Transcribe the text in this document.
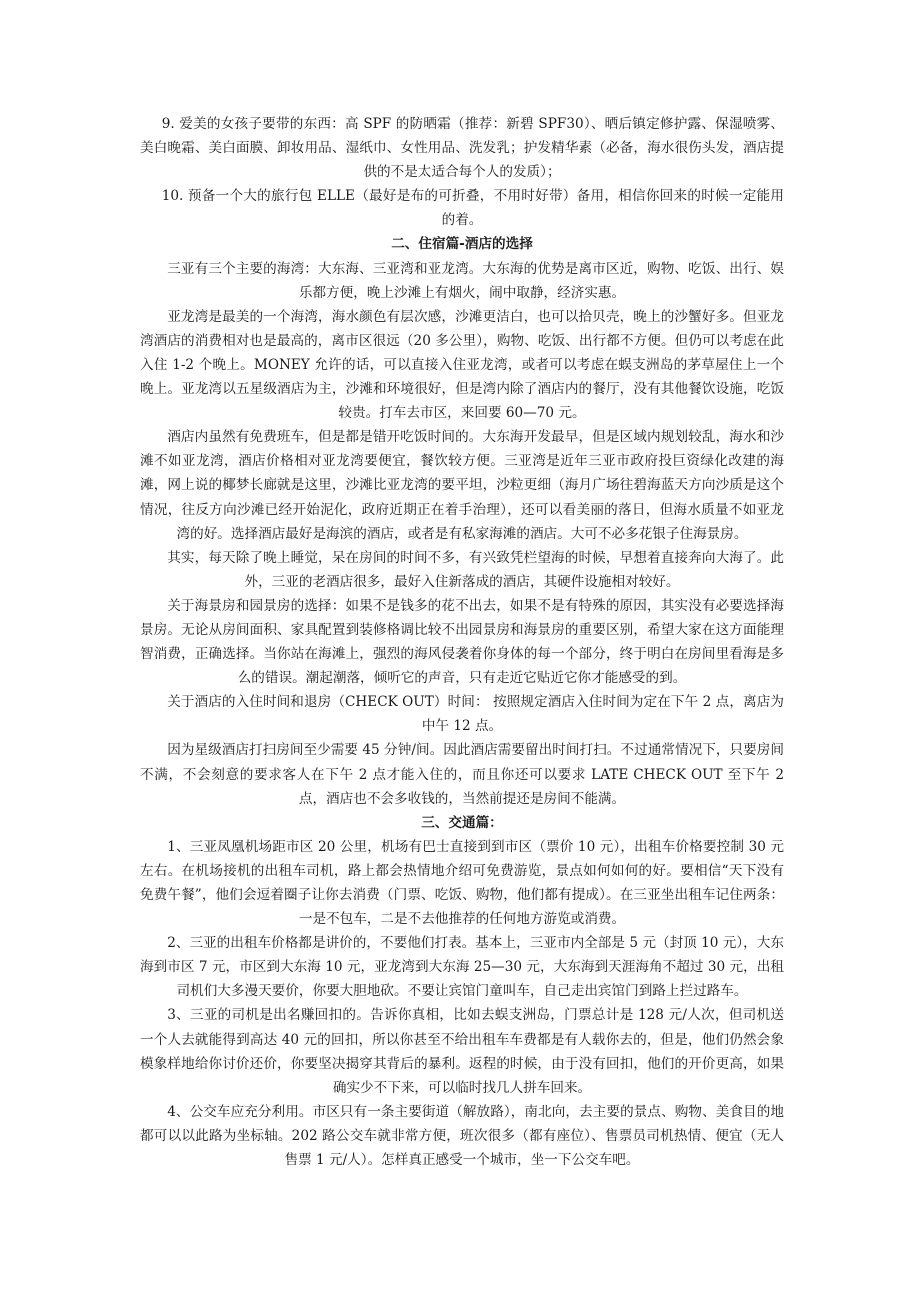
9. 爱美的女孩子要带的东西：高 SPF 的防晒霜（推荐：新碧 SPF30）、晒后镇定修护露、保湿喷雾、美白晚霜、美白面膜、卸妆用品、湿纸巾、女性用品、洗发乳；护发精华素（必备，海水很伤头发，酒店提供的不是太适合每个人的发质）；

10. 预备一个大的旅行包 ELLE（最好是布的可折叠，不用时好带）备用，相信你回来的时候一定能用的着。

二、住宿篇-酒店的选择

三亚有三个主要的海湾：大东海、三亚湾和亚龙湾。大东海的优势是离市区近，购物、吃饭、出行、娱乐都方便，晚上沙滩上有烟火，闹中取静，经济实惠。

亚龙湾是最美的一个海湾，海水颜色有层次感，沙滩更洁白，也可以拾贝壳，晚上的沙蟹好多。但亚龙湾酒店的消费相对也是最高的，离市区很远（20 多公里），购物、吃饭、出行都不方便。但仍可以考虑在此入住 1-2 个晚上。MONEY 允许的话，可以直接入住亚龙湾，或者可以考虑在蜈支洲岛的茅草屋住上一个晚上。亚龙湾以五星级酒店为主，沙滩和环境很好，但是湾内除了酒店内的餐厅，没有其他餐饮设施，吃饭较贵。打车去市区，来回要 60—70 元。

酒店内虽然有免费班车，但是都是错开吃饭时间的。大东海开发最早，但是区域内规划较乱，海水和沙滩不如亚龙湾，酒店价格相对亚龙湾要便宜，餐饮较方便。三亚湾是近年三亚市政府投巨资绿化改建的海滩，网上说的椰梦长廊就是这里，沙滩比亚龙湾的要平坦，沙粒更细（海月广场往碧海蓝天方向沙质是这个情况，往反方向沙滩已经开始泥化，政府近期正在着手治理），还可以看美丽的落日，但海水质量不如亚龙湾的好。选择酒店最好是海滨的酒店，或者是有私家海滩的酒店。大可不必多花银子住海景房。

其实，每天除了晚上睡觉，呆在房间的时间不多，有兴致凭栏望海的时候，早想着直接奔向大海了。此外，三亚的老酒店很多，最好入住新落成的酒店，其硬件设施相对较好。

关于海景房和园景房的选择：如果不是钱多的花不出去，如果不是有特殊的原因，其实没有必要选择海景房。无论从房间面积、家具配置到装修格调比较不出园景房和海景房的重要区别，希望大家在这方面能理智消费，正确选择。当你站在海滩上，强烈的海风侵袭着你身体的每一个部分，终于明白在房间里看海是多么的错误。潮起潮落，倾听它的声音，只有走近它贴近它你才能感受的到。

关于酒店的入住时间和退房（CHECK OUT）时间： 按照规定酒店入住时间为定在下午 2 点，离店为中午 12 点。

因为星级酒店打扫房间至少需要 45 分钟/间。因此酒店需要留出时间打扫。不过通常情况下，只要房间不满，不会刻意的要求客人在下午 2 点才能入住的，而且你还可以要求 LATE CHECK OUT 至下午 2 点，酒店也不会多收钱的，当然前提还是房间不能满。

三、交通篇：

1、三亚凤凰机场距市区 20 公里，机场有巴士直接到到市区（票价 10 元），出租车价格要控制 30 元左右。在机场接机的出租车司机，路上都会热情地介绍可免费游览，景点如何如何的好。要相信“天下没有免费午餐”，他们会逗着圈子让你去消费（门票、吃饭、购物，他们都有提成）。在三亚坐出租车记住两条：一是不包车，二是不去他推荐的任何地方游览或消费。

2、三亚的出租车价格都是讲价的，不要他们打表。基本上，三亚市内全部是 5 元（封顶 10 元），大东海到市区 7 元，市区到大东海 10 元，亚龙湾到大东海 25—30 元，大东海到天涯海角不超过 30 元，出租司机们大多漫天要价，你要大胆地砍。不要让宾馆门童叫车，自己走出宾馆门到路上拦过路车。

3、三亚的司机是出名赚回扣的。告诉你真相，比如去蜈支洲岛，门票总计是 128 元/人次，但司机送一个人去就能得到高达 40 元的回扣，所以你甚至不给出租车车费都是有人载你去的，但是，他们仍然会象模象样地给你讨价还价，你要坚决揭穿其背后的暴利。返程的时候，由于没有回扣，他们的开价更高，如果确实少不下来，可以临时找几人拼车回来。

4、公交车应充分利用。市区只有一条主要街道（解放路），南北向，去主要的景点、购物、美食目的地都可以以此路为坐标轴。202 路公交车就非常方便，班次很多（都有座位）、售票员司机热情、便宜（无人售票 1 元/人）。怎样真正感受一个城市，坐一下公交车吧。
